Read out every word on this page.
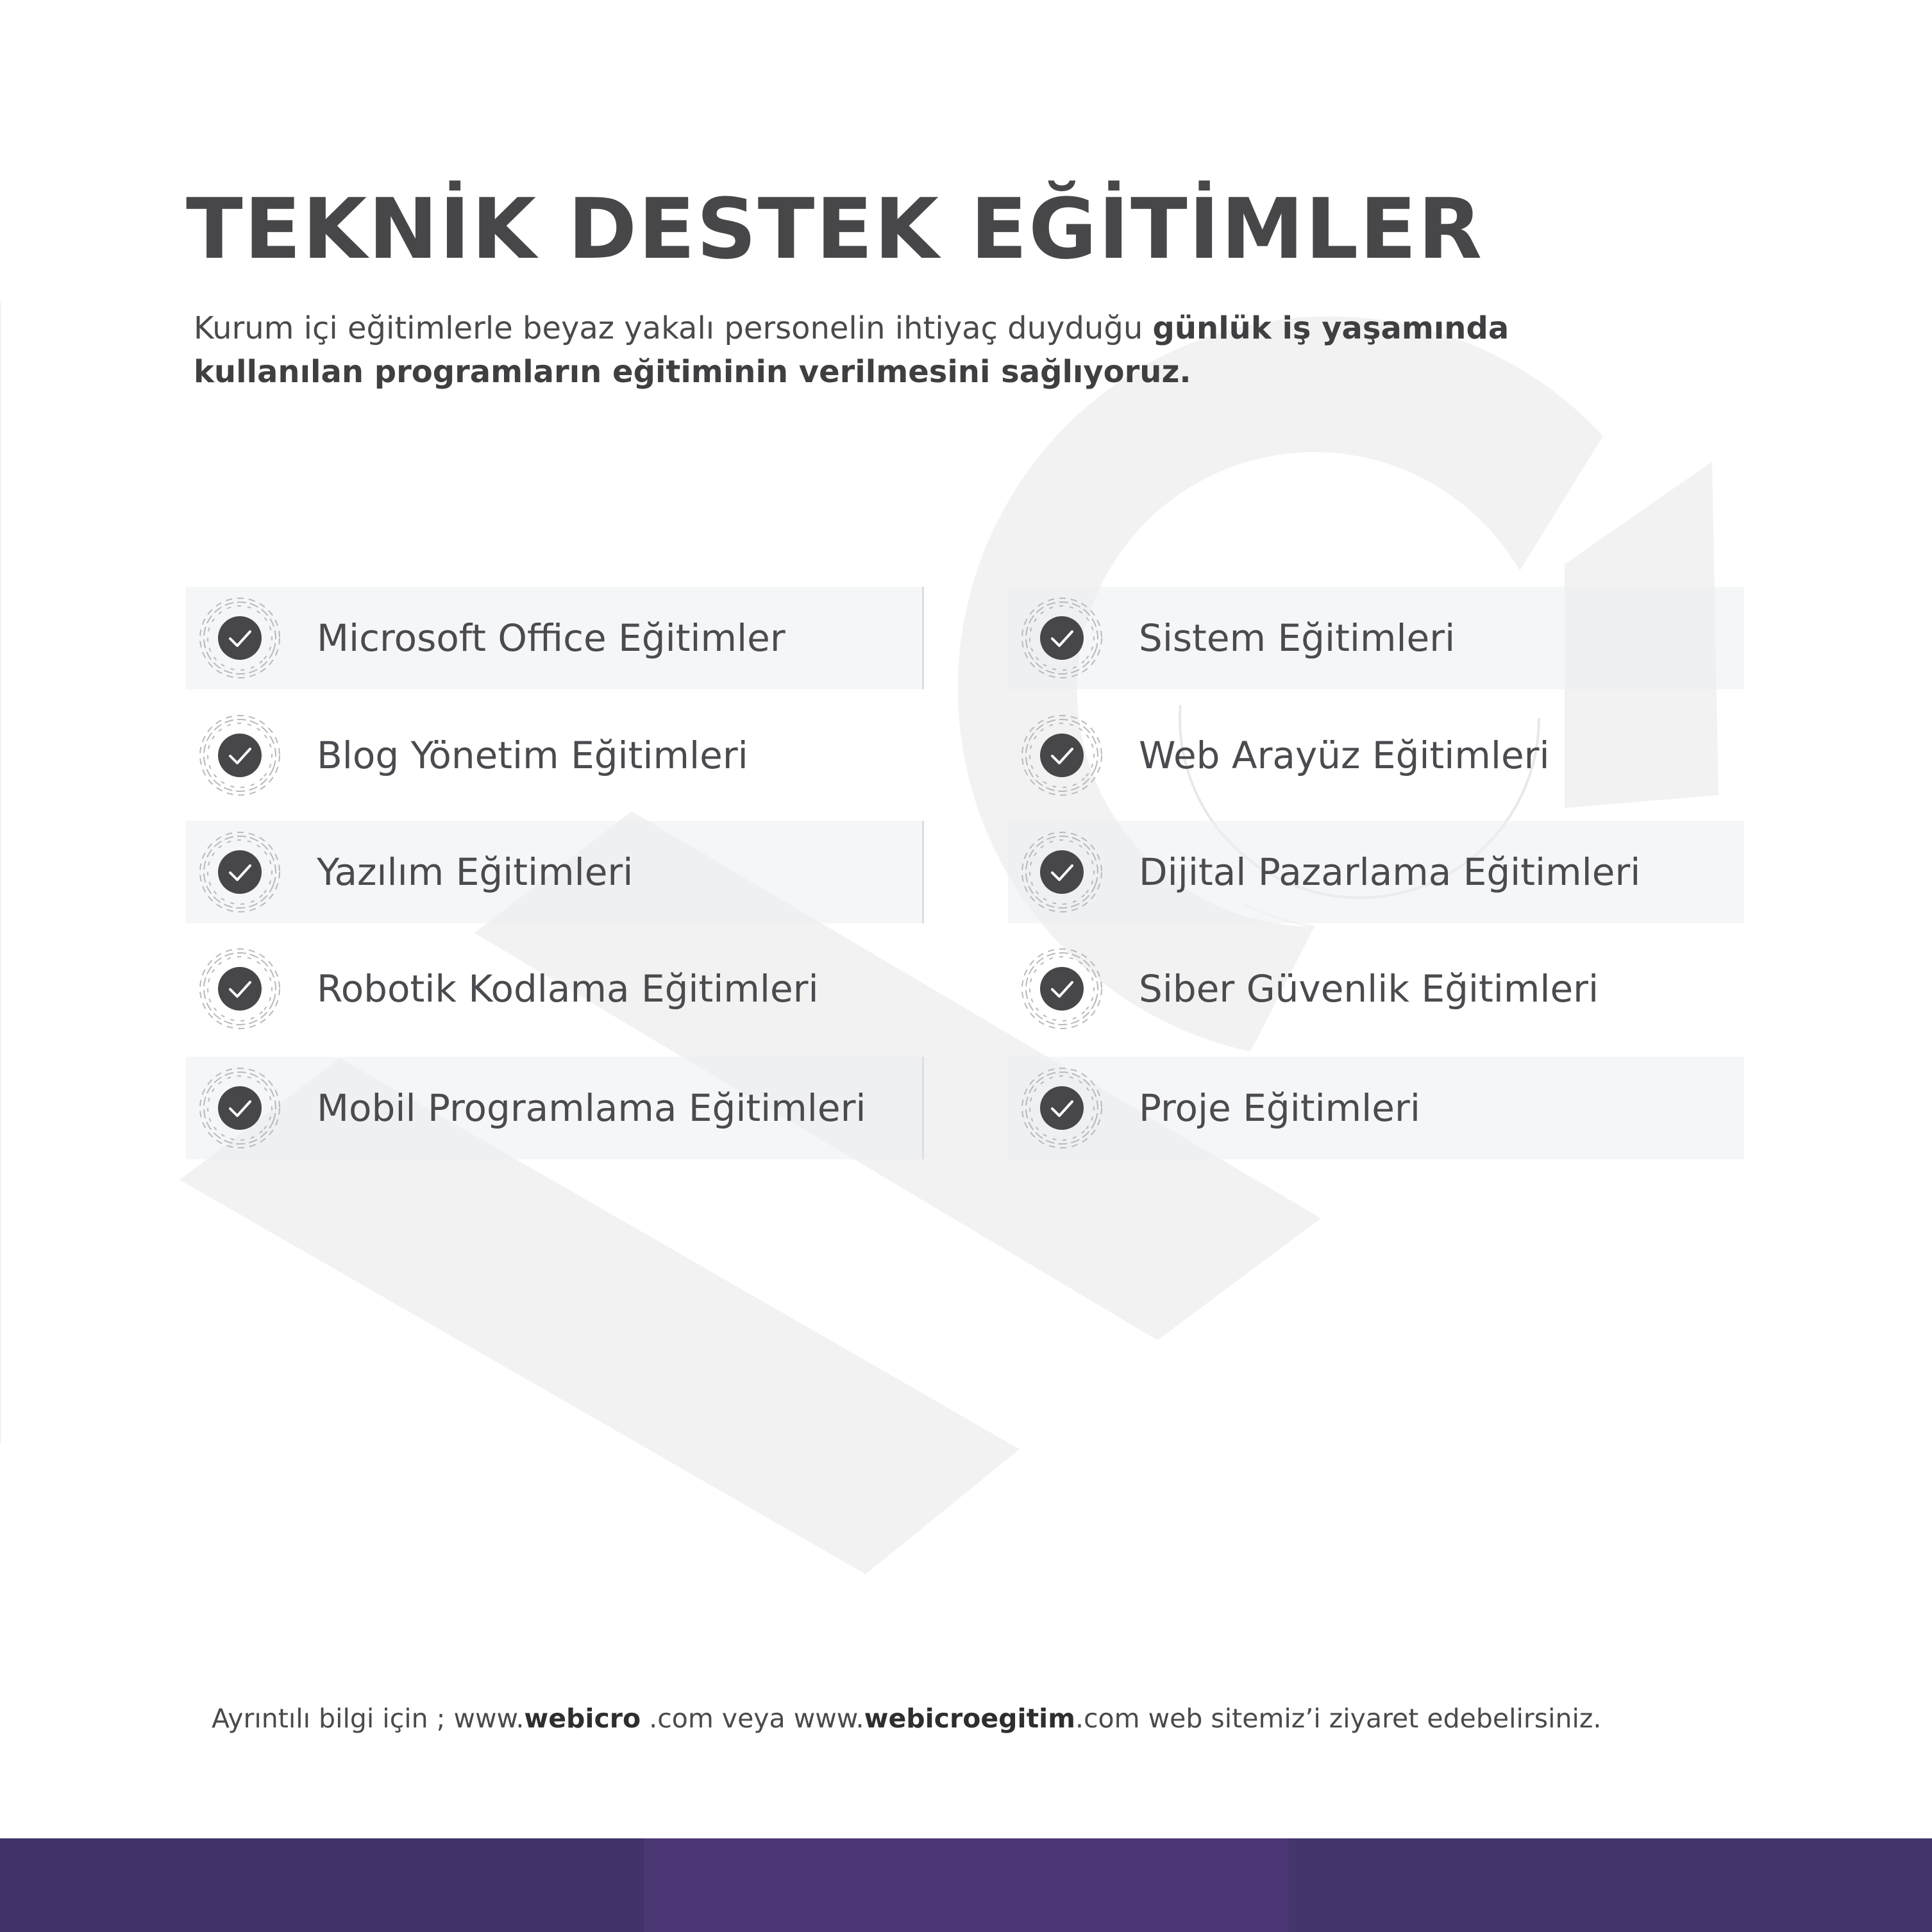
TEKNİK DESTEK EĞİTİMLER

Kurum içi eğitimlerle beyaz yakalı personelin ihtiyaç duyduğu günlük iş yaşamında
kullanılan programların eğitiminin verilmesini sağlıyoruz.

Microsoft Office Eğitimler
Blog Yönetim Eğitimleri
Yazılım Eğitimleri
Robotik Kodlama Eğitimleri
Mobil Programlama Eğitimleri
Sistem Eğitimleri
Web Arayüz Eğitimleri
Dijital Pazarlama Eğitimleri
Siber Güvenlik Eğitimleri
Proje Eğitimleri
Ayrıntılı bilgi için ; www.webicro .com veya www.webicroegitim.com web sitemiz’i ziyaret edebelirsiniz.
